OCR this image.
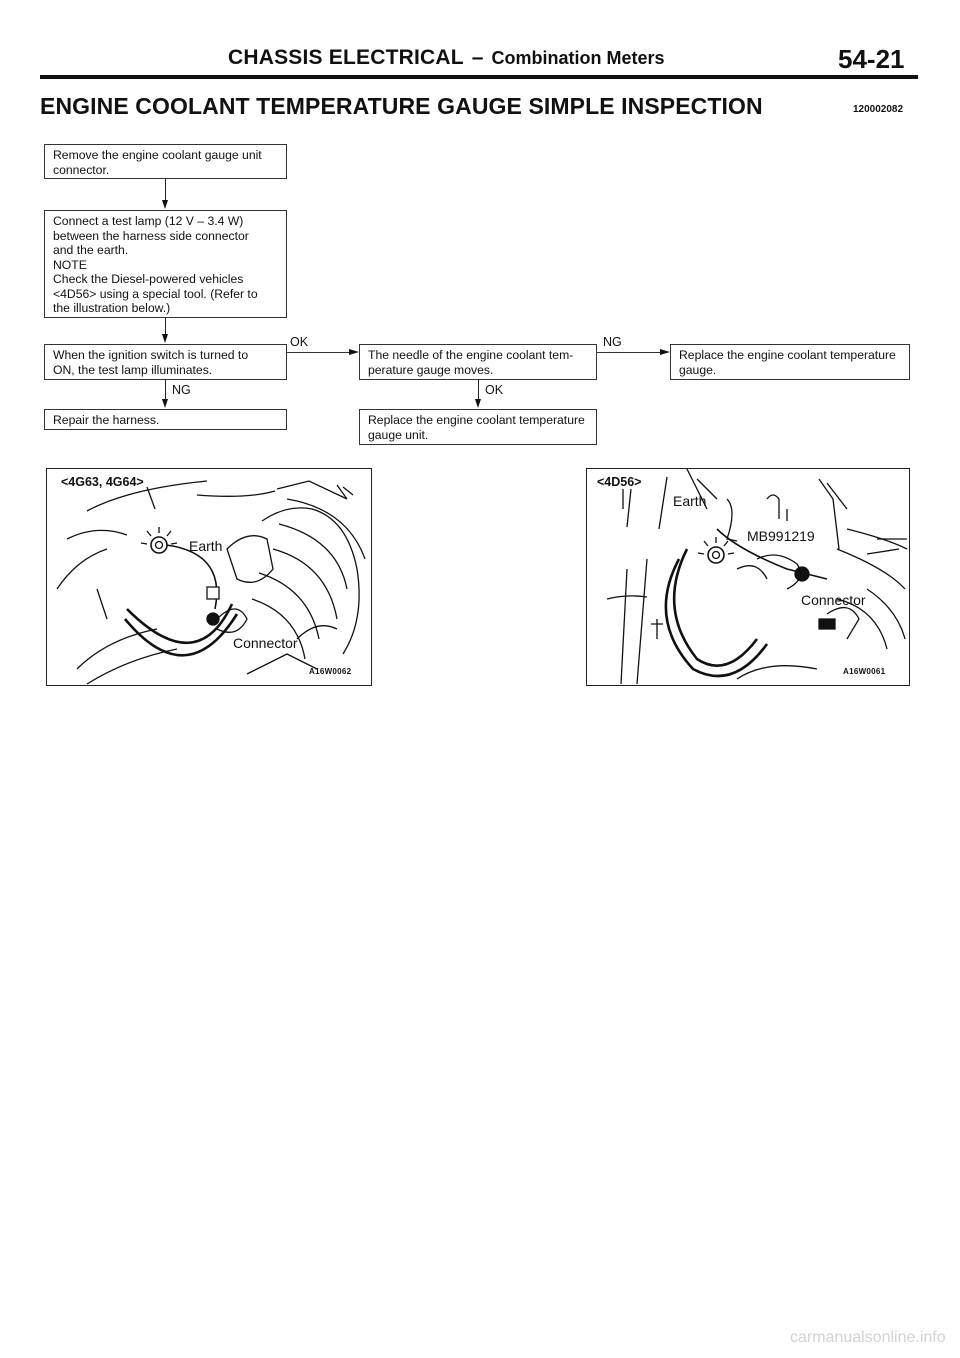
CHASSIS ELECTRICAL – Combination Meters	54-21
ENGINE COOLANT TEMPERATURE GAUGE SIMPLE INSPECTION	120002082
Remove the engine coolant gauge unit
connector.
Connect a test lamp (12 V – 3.4 W)
between the harness side connector
and the earth.
NOTE
Check the Diesel-powered vehicles
<4D56> using a special tool. (Refer to
the illustration below.)
When the ignition switch is turned to
ON, the test lamp illuminates.
The needle of the engine coolant tem-
perature gauge moves.
Replace the engine coolant temperature
gauge.
Repair the harness.	Replace the engine coolant temperature
gauge unit.
OK	NG
NG	OK
<4G63, 4G64>
Earth
Connector
A16W0062
<4D56>
Earth
MB991219
Connector
A16W0061
carmanualsonline.info
